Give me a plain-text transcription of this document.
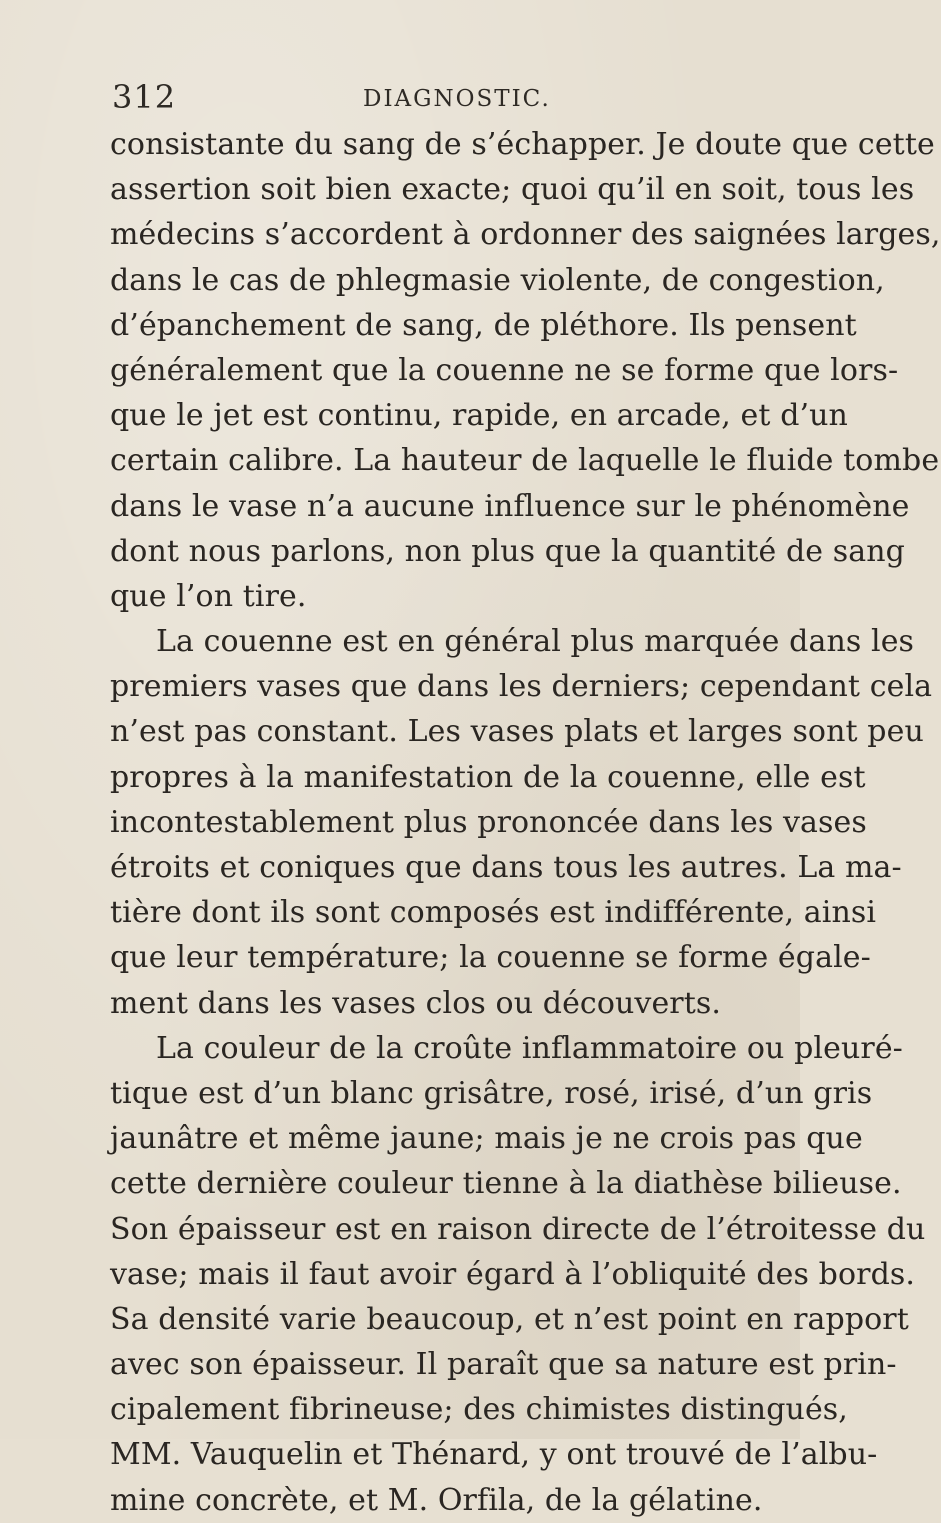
312	DIAGNOSTIC.
consistante du sang de s’échapper. Je doute que cette
assertion soit bien exacte; quoi qu’il en soit, tous les
médecins s’accordent à ordonner des saignées larges,
dans le cas de phlegmasie violente, de congestion,
d’épanchement de sang, de pléthore. Ils pensent
généralement que la couenne ne se forme que lors-
que le jet est continu, rapide, en arcade, et d’un
certain calibre. La hauteur de laquelle le fluide tombe
dans le vase n’a aucune influence sur le phénomène
dont nous parlons, non plus que la quantité de sang
que l’on tire.
La couenne est en général plus marquée dans les
premiers vases que dans les derniers; cependant cela
n’est pas constant. Les vases plats et larges sont peu
propres à la manifestation de la couenne, elle est
incontestablement plus prononcée dans les vases
étroits et coniques que dans tous les autres. La ma-
tière dont ils sont composés est indifférente, ainsi
que leur température; la couenne se forme égale-
ment dans les vases clos ou découverts.
La couleur de la croûte inflammatoire ou pleuré-
tique est d’un blanc grisâtre, rosé, irisé, d’un gris
jaunâtre et même jaune; mais je ne crois pas que
cette dernière couleur tienne à la diathèse bilieuse.
Son épaisseur est en raison directe de l’étroitesse du
vase; mais il faut avoir égard à l’obliquité des bords.
Sa densité varie beaucoup, et n’est point en rapport
avec son épaisseur. Il paraît que sa nature est prin-
cipalement fibrineuse; des chimistes distingués,
MM. Vauquelin et Thénard, y ont trouvé de l’albu-
mine concrète, et M. Orfila, de la gélatine.
